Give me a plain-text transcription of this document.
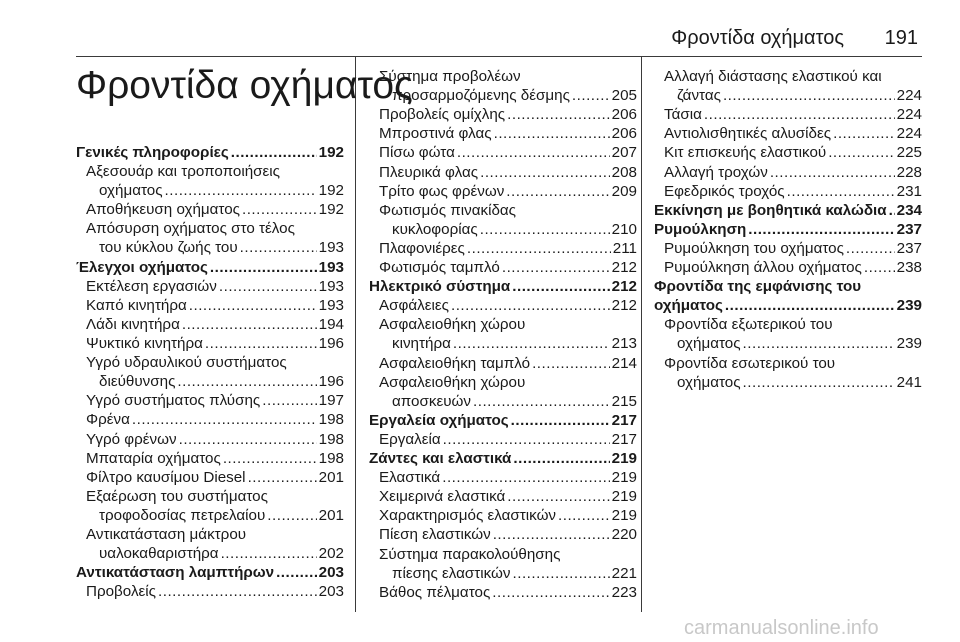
Φροντίδα οχήματος 191
Φροντίδα οχήματος
Γενικές πληροφορίες .....	192
Αξεσουάρ και τροποποιήσεις
οχήματος .....	192
Αποθήκευση οχήματος .....	192
Απόσυρση οχήματος στο τέλος
του κύκλου ζωής του .....	193
Έλεγχοι οχήματος .....	193
Εκτέλεση εργασιών .....	193
Καπό κινητήρα .....	193
Λάδι κινητήρα .....	194
Ψυκτικό κινητήρα .....	196
Υγρό υδραυλικού συστήματος
διεύθυνσης .....	196
Υγρό συστήματος πλύσης .....	197
Φρένα .....	198
Υγρό φρένων .....	198
Μπαταρία οχήματος .....	198
Φίλτρο καυσίμου Diesel .....	201
Εξαέρωση του συστήματος
τροφοδοσίας πετρελαίου .....	201
Αντικατάσταση μάκτρου
υαλοκαθαριστήρα .....	202
Αντικατάσταση λαμπτήρων .....	203
Προβολείς .....	203
Σύστημα προβολέων
προσαρμοζόμενης δέσμης .....	205
Προβολείς ομίχλης .....	206
Μπροστινά φλας .....	206
Πίσω φώτα .....	207
Πλευρικά φλας .....	208
Τρίτο φως φρένων .....	209
Φωτισμός πινακίδας
κυκλοφορίας .....	210
Πλαφονιέρες .....	211
Φωτισμός ταμπλό .....	212
Ηλεκτρικό σύστημα .....	212
Ασφάλειες .....	212
Ασφαλειοθήκη χώρου
κινητήρα .....	213
Ασφαλειοθήκη ταμπλό .....	214
Ασφαλειοθήκη χώρου
αποσκευών .....	215
Εργαλεία οχήματος .....	217
Εργαλεία .....	217
Ζάντες και ελαστικά .....	219
Ελαστικά .....	219
Χειμερινά ελαστικά .....	219
Χαρακτηρισμός ελαστικών .....	219
Πίεση ελαστικών .....	220
Σύστημα παρακολούθησης
πίεσης ελαστικών .....	221
Βάθος πέλματος .....	223
Αλλαγή διάστασης ελαστικού και
ζάντας .....	224
Τάσια .....	224
Αντιολισθητικές αλυσίδες .....	224
Κιτ επισκευής ελαστικού .....	225
Αλλαγή τροχών .....	228
Εφεδρικός τροχός .....	231
Εκκίνηση με βοηθητικά καλώδια ..... 234
Ρυμούλκηση .....	237
Ρυμούλκηση του οχήματος .....	237
Ρυμούλκηση άλλου οχήματος ..... 238
Φροντίδα της εμφάνισης του
οχήματος .....	239
Φροντίδα εξωτερικού του
οχήματος .....	239
Φροντίδα εσωτερικού του
οχήματος .....	241
carmanualsonline.info
